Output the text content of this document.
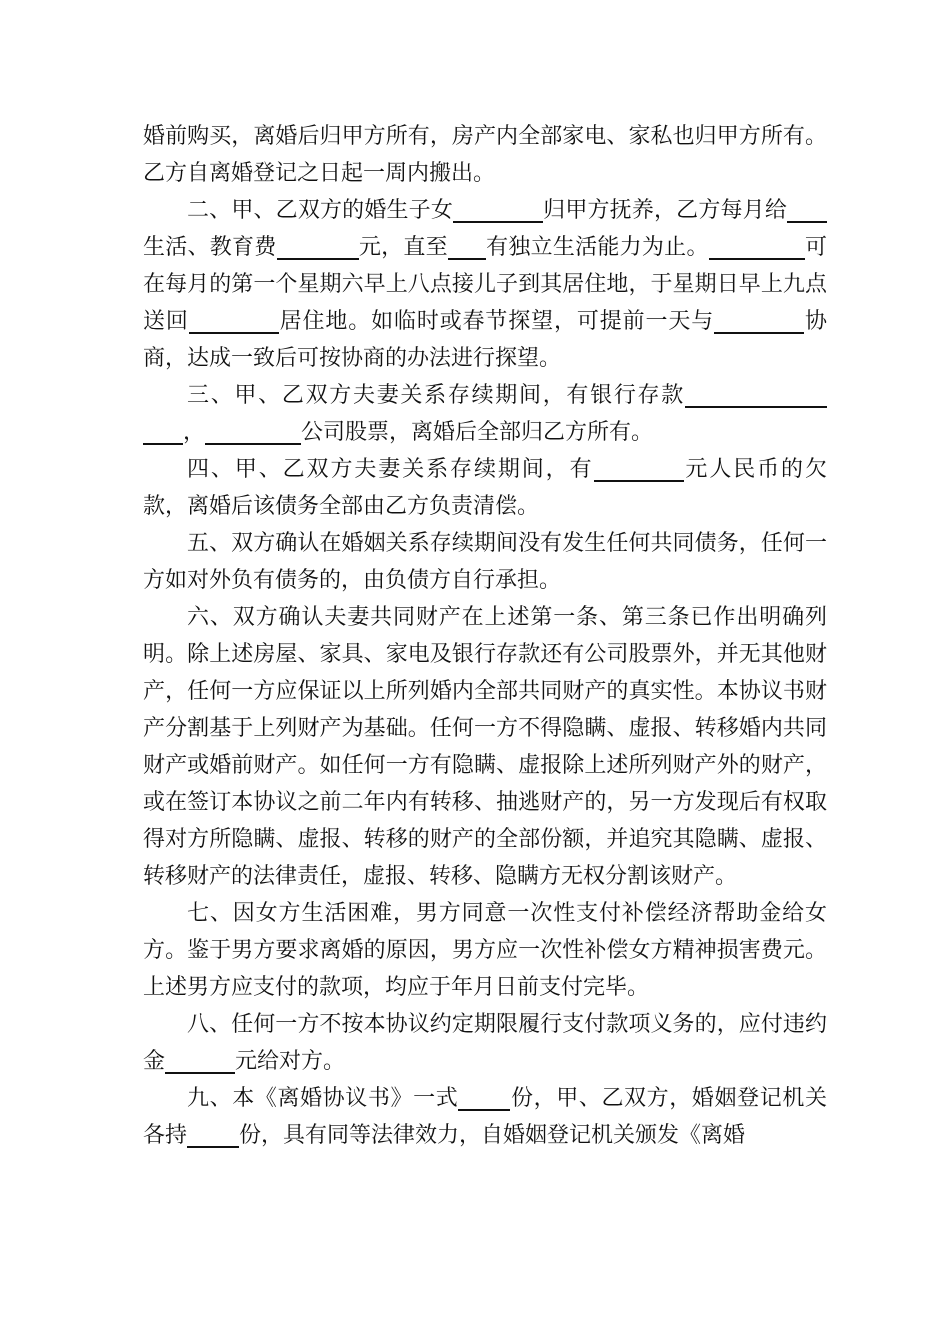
婚前购买，离婚后归甲方所有，房产内全部家电、家私也归甲方所有。乙方自离婚登记之日起一周内搬出。

二、甲、乙双方的婚生子女	归甲方抚养，乙方每月给生活、教育费	元，直至 有独立生活能力为止。	可在每月的第一个星期六早上八点接儿子到其居住地，于星期日早上九点送回	居住地。如临时或春节探望，可提前一天与	协商，达成一致后可按协商的办法进行探望。

三、甲、乙双方夫妻关系存续期间，有银行存款，	公司股票，离婚后全部归乙方所有。

四、甲、乙双方夫妻关系存续期间，有	元人民币的欠款，离婚后该债务全部由乙方负责清偿。

五、双方确认在婚姻关系存续期间没有发生任何共同债务，任何一方如对外负有债务的，由负债方自行承担。

六、双方确认夫妻共同财产在上述第一条、第三条已作出明确列明。除上述房屋、家具、家电及银行存款还有公司股票外，并无其他财产，任何一方应保证以上所列婚内全部共同财产的真实性。本协议书财产分割基于上列财产为基础。任何一方不得隐瞒、虚报、转移婚内共同财产或婚前财产。如任何一方有隐瞒、虚报除上述所列财产外的财产，或在签订本协议之前二年内有转移、抽逃财产的，另一方发现后有权取得对方所隐瞒、虚报、转移的财产的全部份额，并追究其隐瞒、虚报、转移财产的法律责任，虚报、转移、隐瞒方无权分割该财产。

七、因女方生活困难，男方同意一次性支付补偿经济帮助金给女方。鉴于男方要求离婚的原因，男方应一次性补偿女方精神损害费元。上述男方应支付的款项，均应于年月日前支付完毕。

八、任何一方不按本协议约定期限履行支付款项义务的，应付违约金	元给对方。

九、本《离婚协议书》一式 份，甲、乙双方，婚姻登记机关各持 份，具有同等法律效力，自婚姻登记机关颁发《离婚
